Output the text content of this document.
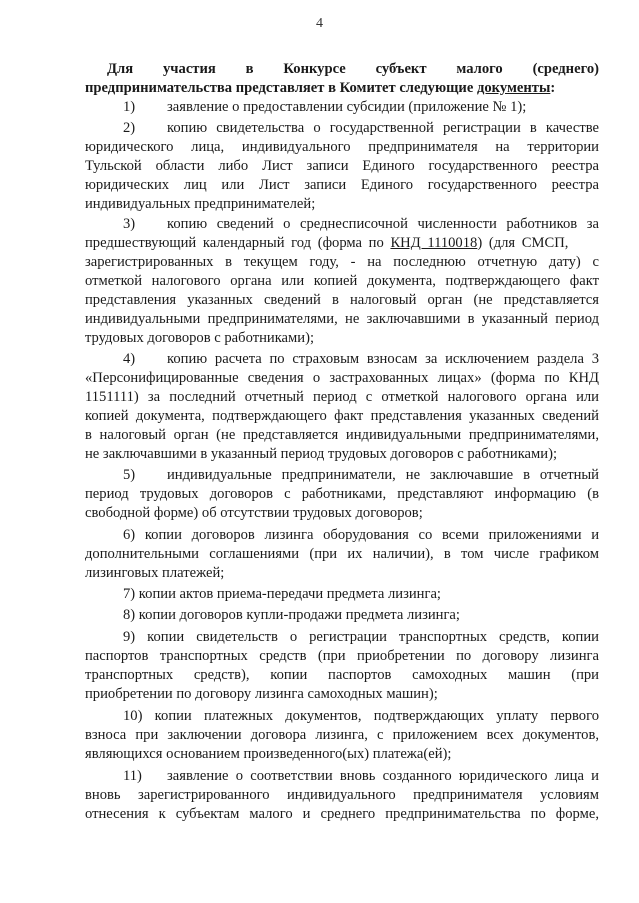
4
Для участия в Конкурсе субъект малого (среднего)
предпринимательства представляет в Комитет следующие документы:
1) заявление о предоставлении субсидии (приложение № 1);
2) копию свидетельства о государственной регистрации в качестве
юридического лица, индивидуального предпринимателя на территории
Тульской области либо Лист записи Единого государственного реестра
юридических лиц или Лист записи Единого государственного реестра
индивидуальных предпринимателей;
3) копию сведений о среднесписочной численности работников за
предшествующий календарный год (форма по КНД 1110018) (для СМСП,
зарегистрированных в текущем году, - на последнюю отчетную дату) с
отметкой налогового органа или копией документа, подтверждающего факт
представления указанных сведений в налоговый орган (не представляется
индивидуальными предпринимателями, не заключавшими в указанный период
трудовых договоров с работниками);
4) копию расчета по страховым взносам за исключением раздела 3
«Персонифицированные сведения о застрахованных лицах» (форма по КНД
1151111) за последний отчетный период с отметкой налогового органа или
копией документа, подтверждающего факт представления указанных сведений
в налоговый орган (не представляется индивидуальными предпринимателями,
не заключавшими в указанный период трудовых договоров с работниками);
5) индивидуальные предприниматели, не заключавшие в отчетный
период трудовых договоров с работниками, представляют информацию (в
свободной форме) об отсутствии трудовых договоров;
6) копии договоров лизинга оборудования со всеми приложениями и
дополнительными соглашениями (при их наличии), в том числе графиком
лизинговых платежей;
7) копии актов приема-передачи предмета лизинга;
8) копии договоров купли-продажи предмета лизинга;
9) копии свидетельств о регистрации транспортных средств, копии
паспортов транспортных средств (при приобретении по договору лизинга
транспортных средств), копии паспортов самоходных машин (при
приобретении по договору лизинга самоходных машин);
10) копии платежных документов, подтверждающих уплату первого
взноса при заключении договора лизинга, с приложением всех документов,
являющихся основанием произведенного(ых) платежа(ей);
11) заявление о соответствии вновь созданного юридического лица и
вновь зарегистрированного индивидуального предпринимателя условиям
отнесения к субъектам малого и среднего предпринимательства по форме,
